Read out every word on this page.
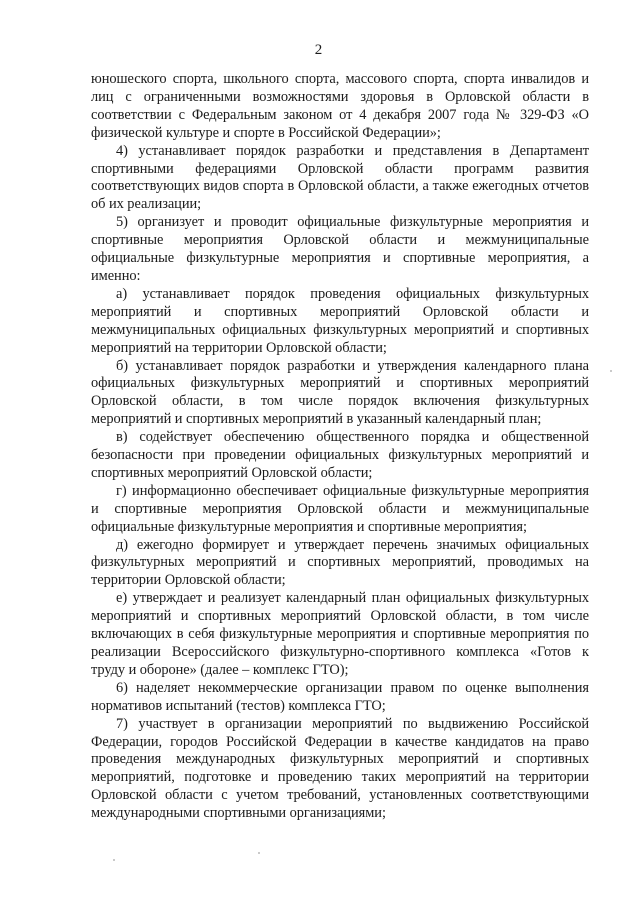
2

юношеского спорта, школьного спорта, массового спорта, спорта инвалидов и лиц с ограниченными возможностями здоровья в Орловской области в соответствии с Федеральным законом от 4 декабря 2007 года № 329-ФЗ «О физической культуре и спорте в Российской Федерации»;

4) устанавливает порядок разработки и представления в Департамент спортивными федерациями Орловской области программ развития соответствующих видов спорта в Орловской области, а также ежегодных отчетов об их реализации;

5) организует и проводит официальные физкультурные мероприятия и спортивные мероприятия Орловской области и межмуниципальные официальные физкультурные мероприятия и спортивные мероприятия, а именно:

а) устанавливает порядок проведения официальных физкультурных мероприятий и спортивных мероприятий Орловской области и межмуниципальных официальных физкультурных мероприятий и спортивных мероприятий на территории Орловской области;

б) устанавливает порядок разработки и утверждения календарного плана официальных физкультурных мероприятий и спортивных мероприятий Орловской области, в том числе порядок включения физкультурных мероприятий и спортивных мероприятий в указанный календарный план;

в) содействует обеспечению общественного порядка и общественной безопасности при проведении официальных физкультурных мероприятий и спортивных мероприятий Орловской области;

г) информационно обеспечивает официальные физкультурные мероприятия и спортивные мероприятия Орловской области и межмуниципальные официальные физкультурные мероприятия и спортивные мероприятия;

д) ежегодно формирует и утверждает перечень значимых официальных физкультурных мероприятий и спортивных мероприятий, проводимых на территории Орловской области;

е) утверждает и реализует календарный план официальных физкультурных мероприятий и спортивных мероприятий Орловской области, в том числе включающих в себя физкультурные мероприятия и спортивные мероприятия по реализации Всероссийского физкультурно-спортивного комплекса «Готов к труду и обороне» (далее – комплекс ГТО);

6) наделяет некоммерческие организации правом по оценке выполнения нормативов испытаний (тестов) комплекса ГТО;

7) участвует в организации мероприятий по выдвижению Российской Федерации, городов Российской Федерации в качестве кандидатов на право проведения международных физкультурных мероприятий и спортивных мероприятий, подготовке и проведению таких мероприятий на территории Орловской области с учетом требований, установленных соответствующими международными спортивными организациями;
